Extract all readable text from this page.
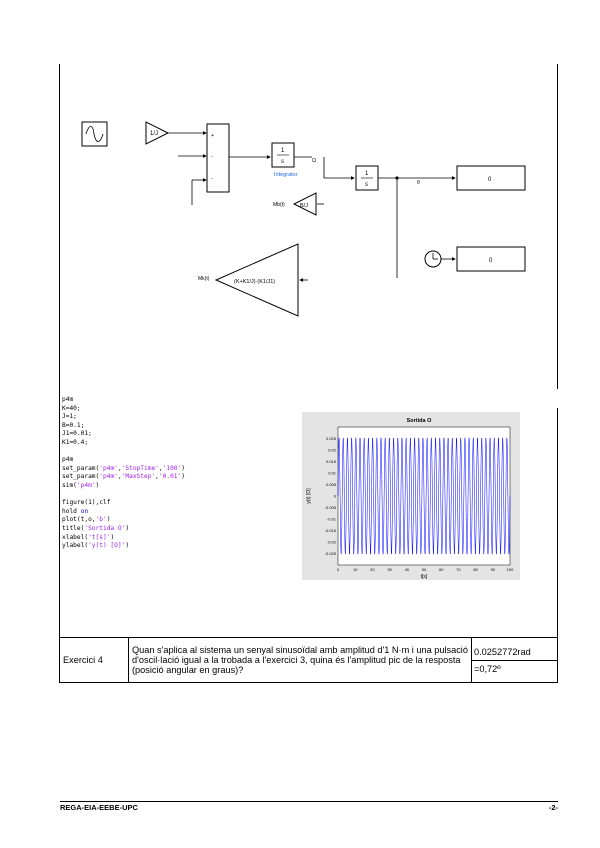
1/J	+
-
-
1
s
Integrator
Ω
1
s	θ	0
B/J
Mb(t)
0
(K+K1/J)·(K1/J1)
Mk(t)
p4m
K=40;
J=1;
B=0.1;
J1=0.01;
K1=0.4;

p4m
set_param('p4m','StopTime','100')
set_param('p4m','MaxStep','0.01')
sim('p4m')

figure(1),clf
hold on
plot(t,o,'b')
title('Sortida O')
xlabel('t[s]')
ylabel('y(t) [O]')
Sortida O
0.025
0.02
0.015
0.01
0.005
0
-0.005
-0.01
-0.015
-0.02
-0.025
0	10	20	30	40	50	60	70	80	90	100
t[s]
y(t) [O]
Exercici 4	Quan s'aplica al sistema un senyal sinusoïdal amb amplitud d'1 N·m i una pulsació d'oscil·lació igual a la trobada a l'exercici 3, quina és l'amplitud pic de la resposta (posició angular en graus)?	
0.0252772rad
=0,72º
REGA-EIA-EEBE-UPC	-2-
